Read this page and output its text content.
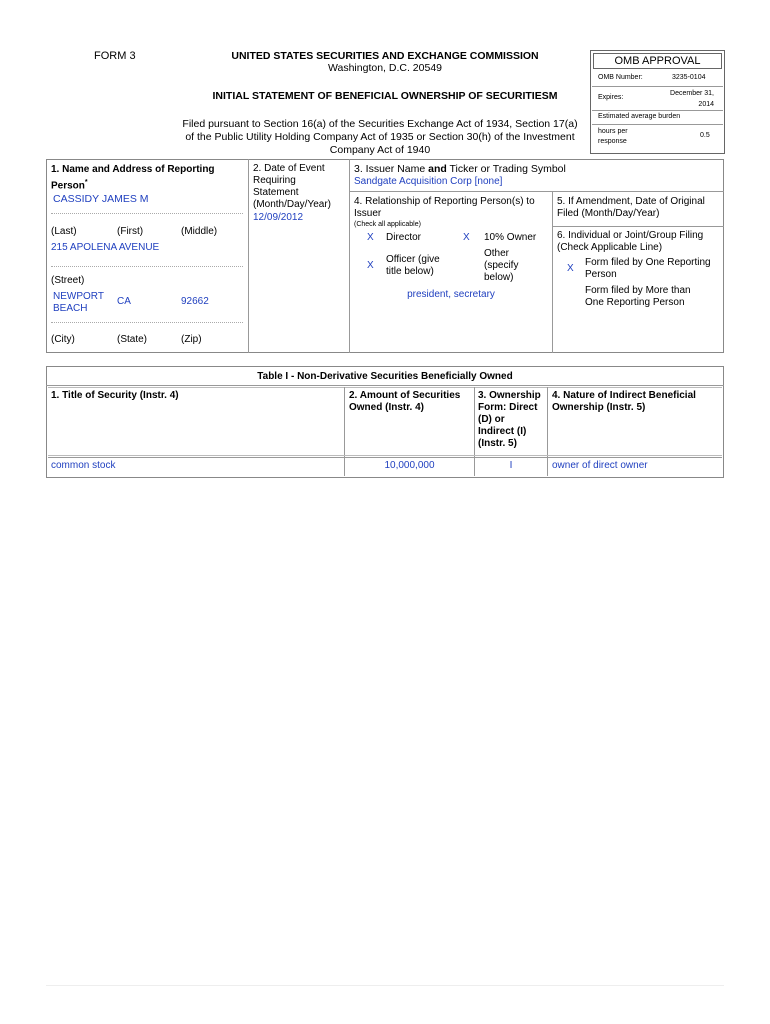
FORM 3	UNITED STATES SECURITIES AND EXCHANGE COMMISSION
Washington, D.C. 20549
INITIAL STATEMENT OF BENEFICIAL OWNERSHIP OF SECURITIESM
Filed pursuant to Section 16(a) of the Securities Exchange Act of 1934, Section 17(a)
of the Public Utility Holding Company Act of 1935 or Section 30(h) of the Investment
Company Act of 1940
OMB APPROVAL
OMB Number:	3235-0104
Expires:
December 31,
2014
Estimated average burden
hours per
response
0.5
1. Name and Address of Reporting
Person*
CASSIDY JAMES M
(Last)	(First)	(Middle)
215 APOLENA AVENUE
(Street)
NEWPORT
BEACH
CA	92662
(City)	(State)	(Zip)
2. Date of Event
Requiring
Statement
(Month/Day/Year)
12/09/2012
3. Issuer Name and Ticker or Trading Symbol
Sandgate Acquisition Corp [none]
4. Relationship of Reporting Person(s) to
Issuer
(Check all applicable)
X Director	X 10% Owner
X
Officer (give
title below)
Other
(specify
below)
president, secretary
5. If Amendment, Date of Original
Filed (Month/Day/Year)
6. Individual or Joint/Group Filing
(Check Applicable Line)
X
Form filed by One Reporting
Person
Form filed by More than
One Reporting Person
Table I - Non-Derivative Securities Beneficially Owned
1. Title of Security (Instr. 4)	2. Amount of Securities
Owned (Instr. 4)
3. Ownership
Form: Direct
(D) or
Indirect (I)
(Instr. 5)
4. Nature of Indirect Beneficial
Ownership (Instr. 5)
common stock	10,000,000	I	owner of direct owner
